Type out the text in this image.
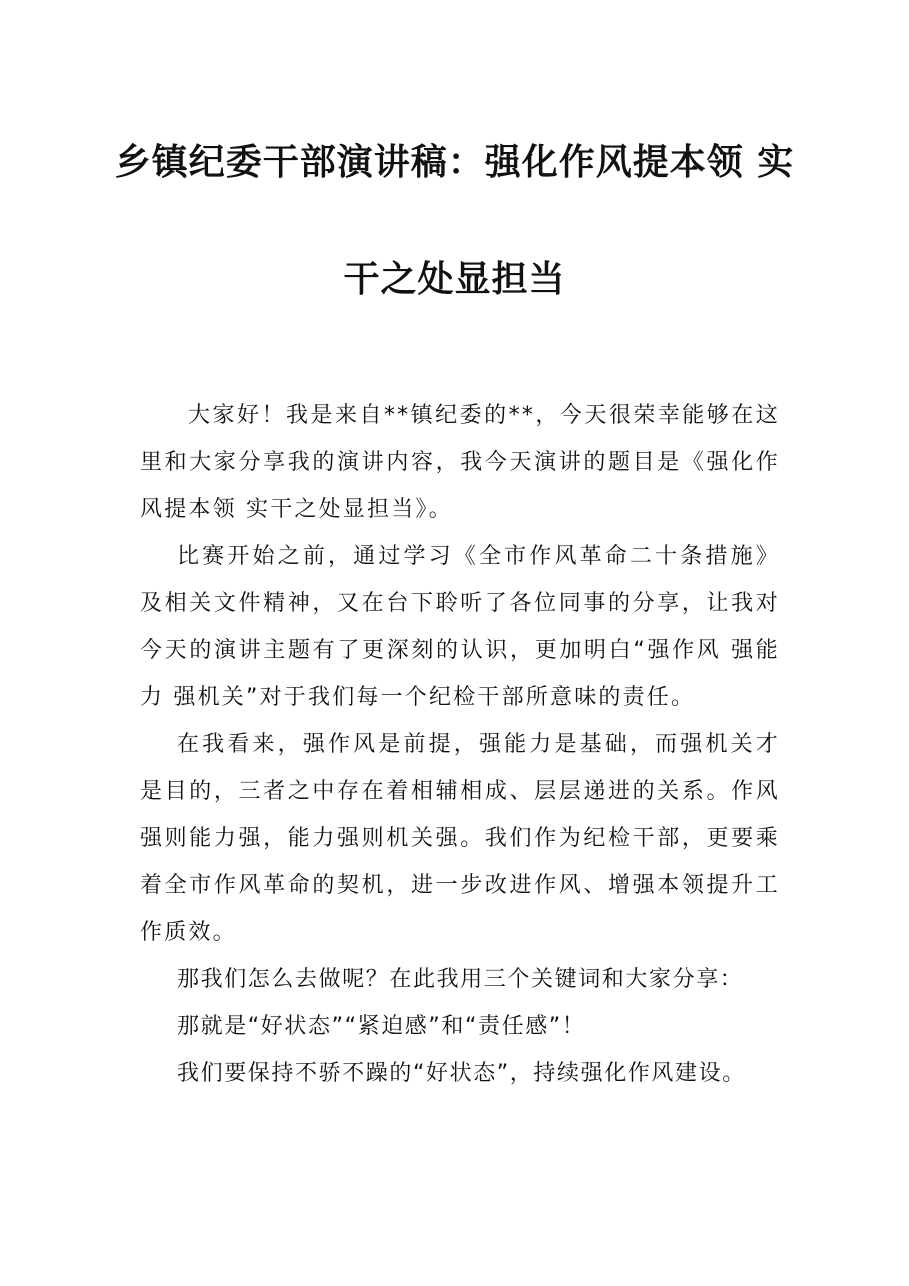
乡镇纪委干部演讲稿：强化作风提本领 实
干之处显担当

大家好！我是来自**镇纪委的**，今天很荣幸能够在这里和大家分享我的演讲内容，我今天演讲的题目是《强化作风提本领 实干之处显担当》。

比赛开始之前，通过学习《全市作风革命二十条措施》及相关文件精神，又在台下聆听了各位同事的分享，让我对今天的演讲主题有了更深刻的认识，更加明白“强作风 强能力 强机关”对于我们每一个纪检干部所意味的责任。

在我看来，强作风是前提，强能力是基础，而强机关才是目的，三者之中存在着相辅相成、层层递进的关系。作风强则能力强，能力强则机关强。我们作为纪检干部，更要乘着全市作风革命的契机，进一步改进作风、增强本领提升工作质效。

那我们怎么去做呢？在此我用三个关键词和大家分享：

那就是“好状态”“紧迫感”和“责任感”！

我们要保持不骄不躁的“好状态”，持续强化作风建设。
